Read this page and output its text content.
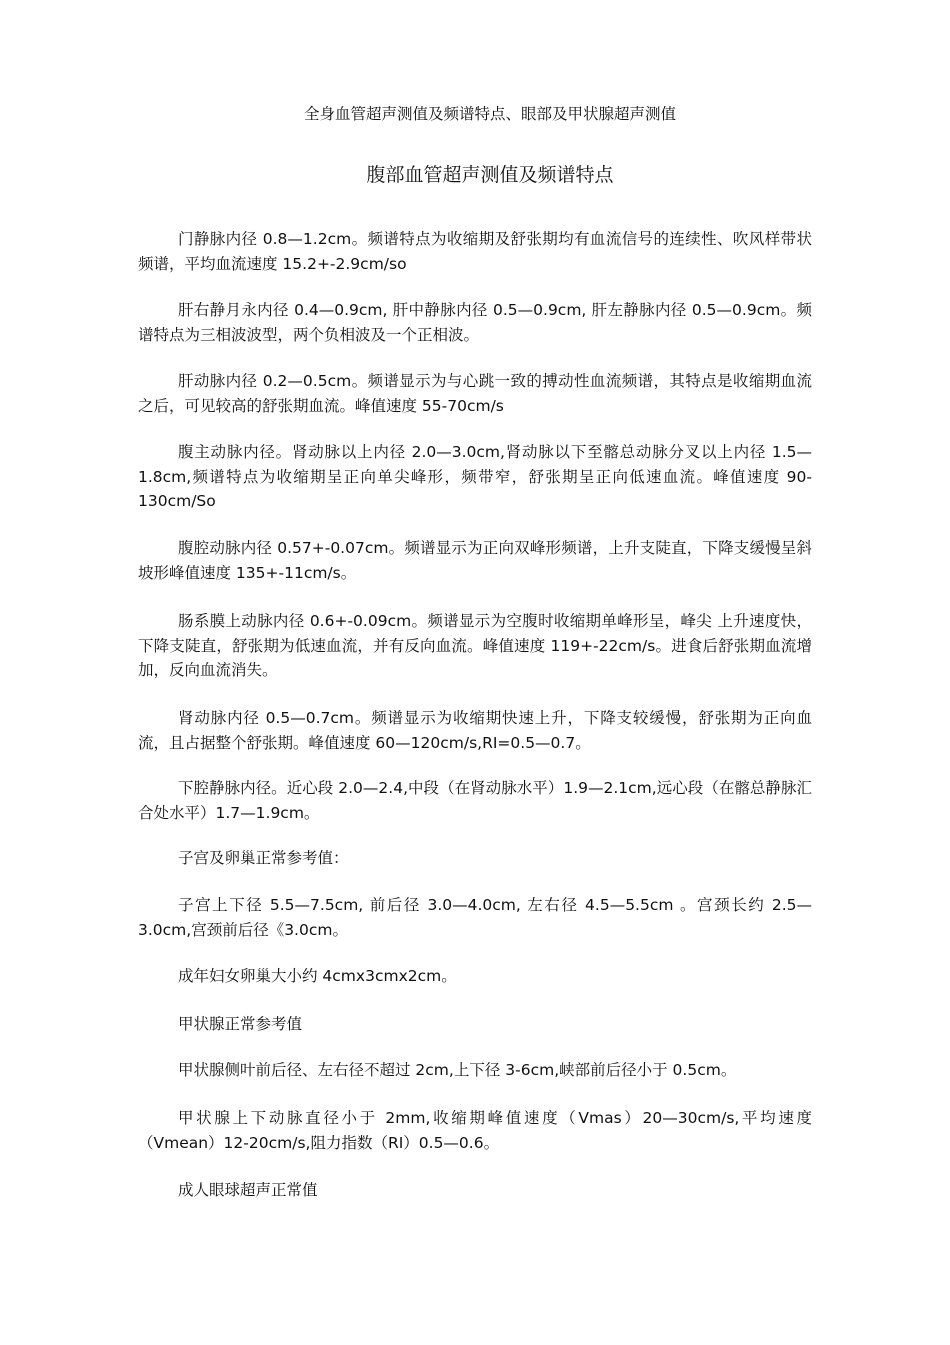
全身血管超声测值及频谱特点、眼部及甲状腺超声测值
腹部血管超声测值及频谱特点

门静脉内径 0.8—1.2cm。频谱特点为收缩期及舒张期均有血流信号的连续性、吹风样带状频谱，平均血流速度 15.2+-2.9cm/so

肝右静月永内径 0.4—0.9cm, 肝中静脉内径 0.5—0.9cm, 肝左静脉内径 0.5—0.9cm。频谱特点为三相波波型，两个负相波及一个正相波。

肝动脉内径 0.2—0.5cm。频谱显示为与心跳一致的搏动性血流频谱，其特点是收缩期血流之后，可见较高的舒张期血流。峰值速度 55-70cm/s

腹主动脉内径。肾动脉以上内径 2.0—3.0cm,肾动脉以下至髂总动脉分叉以上内径 1.5—1.8cm,频谱特点为收缩期呈正向单尖峰形，频带窄，舒张期呈正向低速血流。峰值速度 90-130cm/So

腹腔动脉内径 0.57+-0.07cm。频谱显示为正向双峰形频谱，上升支陡直，下降支缓慢呈斜坡形峰值速度 135+-11cm/s。

肠系膜上动脉内径 0.6+-0.09cm。频谱显示为空腹时收缩期单峰形呈，峰尖 上升速度快，下降支陡直，舒张期为低速血流，并有反向血流。峰值速度 119+-22cm/s。进食后舒张期血流增加，反向血流消失。

肾动脉内径 0.5—0.7cm。频谱显示为收缩期快速上升，下降支较缓慢，舒张期为正向血流，且占据整个舒张期。峰值速度 60—120cm/s,RI=0.5—0.7。

下腔静脉内径。近心段 2.0—2.4,中段（在肾动脉水平）1.9—2.1cm,远心段（在髂总静脉汇合处水平）1.7—1.9cm。

子宫及卵巢正常参考值：

子宫上下径 5.5—7.5cm, 前后径 3.0—4.0cm, 左右径 4.5—5.5cm 。宫颈长约 2.5—3.0cm,宫颈前后径《3.0cm。

成年妇女卵巢大小约 4cmx3cmx2cm。

甲状腺正常参考值

甲状腺侧叶前后径、左右径不超过 2cm,上下径 3-6cm,峡部前后径小于 0.5cm。

甲状腺上下动脉直径小于 2mm,收缩期峰值速度（Vmas）20—30cm/s,平均速度（Vmean）12-20cm/s,阻力指数（RI）0.5—0.6。

成人眼球超声正常值
